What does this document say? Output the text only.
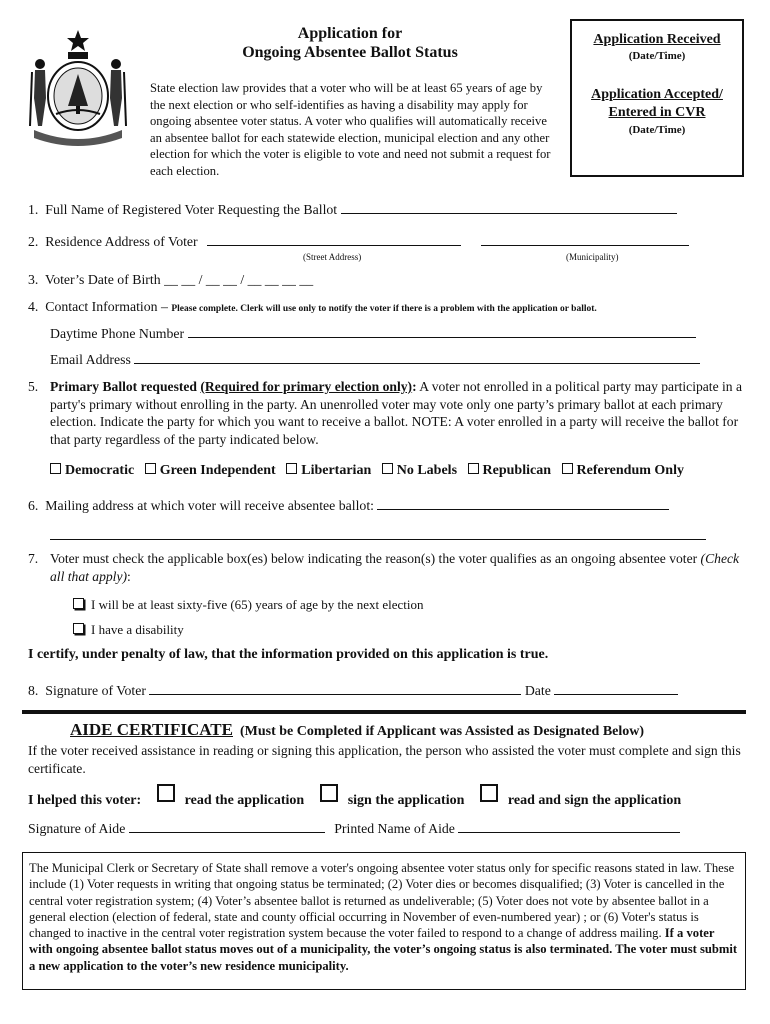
Application for
Ongoing Absentee Ballot Status
State election law provides that a voter who will be at least 65 years of age by the next election or who self-identifies as having a disability may apply for ongoing absentee voter status. A voter who qualifies will automatically receive an absentee ballot for each statewide election, municipal election and any other election for which the voter is eligible to vote and need not submit a request for each election.
Application Received
(Date/Time)
Application Accepted/
Entered in CVR
(Date/Time)
1. Full Name of Registered Voter Requesting the Ballot
2. Residence Address of Voter
(Street Address)	(Municipality)
3. Voter’s Date of Birth __ __ / __ __ / __ __ __ __
4. Contact Information – Please complete. Clerk will use only to notify the voter if there is a problem with the application or ballot.
Daytime Phone Number
Email Address
5. Primary Ballot requested (Required for primary election only): A voter not enrolled in a political party may participate in a party's primary without enrolling in the party. An unenrolled voter may vote only one party’s primary ballot at each primary election. Indicate the party for which you want to receive a ballot. NOTE: A voter enrolled in a party will receive the ballot for that party regardless of the party indicated below.
Democratic Green Independent Libertarian No Labels Republican Referendum Only
6. Mailing address at which voter will receive absentee ballot:
7. Voter must check the applicable box(es) below indicating the reason(s) the voter qualifies as an ongoing absentee voter (Check all that apply):
I will be at least sixty-five (65) years of age by the next election
I have a disability
I certify, under penalty of law, that the information provided on this application is true.
8. Signature of Voter	Date
AIDE CERTIFICATE (Must be Completed if Applicant was Assisted as Designated Below)
If the voter received assistance in reading or signing this application, the person who assisted the voter must complete and sign this certificate.
I helped this voter:	read the application	sign the application	read and sign the application
Signature of Aide	Printed Name of Aide
The Municipal Clerk or Secretary of State shall remove a voter's ongoing absentee voter status only for specific reasons stated in law. These include (1) Voter requests in writing that ongoing status be terminated; (2) Voter dies or becomes disqualified; (3) Voter is cancelled in the central voter registration system; (4) Voter’s absentee ballot is returned as undeliverable; (5) Voter does not vote by absentee ballot in a general election (election of federal, state and county official occurring in November of even-numbered year) ; or (6) Voter's status is changed to inactive in the central voter registration system because the voter failed to respond to a change of address mailing. If a voter with ongoing absentee ballot status moves out of a municipality, the voter’s ongoing status is also terminated. The voter must submit a new application to the voter’s new residence municipality.
